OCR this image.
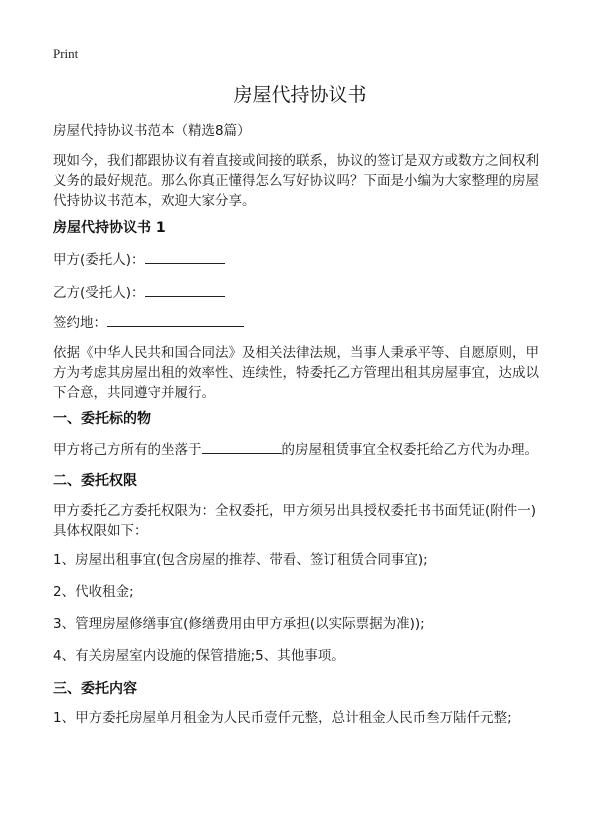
Print
房屋代持协议书

房屋代持协议书范本（精选8篇）

现如今，我们都跟协议有着直接或间接的联系，协议的签订是双方或数方之间权利义务的最好规范。那么你真正懂得怎么写好协议吗？下面是小编为大家整理的房屋代持协议书范本，欢迎大家分享。

房屋代持协议书 1

甲方(委托人)：

乙方(受托人)：

签约地：

依据《中华人民共和国合同法》及相关法律法规，当事人秉承平等、自愿原则，甲方为考虑其房屋出租的效率性、连续性，特委托乙方管理出租其房屋事宜，达成以下合意，共同遵守并履行。

一、委托标的物

甲方将己方所有的坐落于	的房屋租赁事宜全权委托给乙方代为办理。

二、委托权限

甲方委托乙方委托权限为：全权委托，甲方须另出具授权委托书书面凭证(附件一)具体权限如下：

1、房屋出租事宜(包含房屋的推荐、带看、签订租赁合同事宜);

2、代收租金;

3、管理房屋修缮事宜(修缮费用由甲方承担(以实际票据为准));

4、有关房屋室内设施的保管措施;5、其他事项。

三、委托内容

1、甲方委托房屋单月租金为人民币壹仟元整，总计租金人民币叁万陆仟元整;
